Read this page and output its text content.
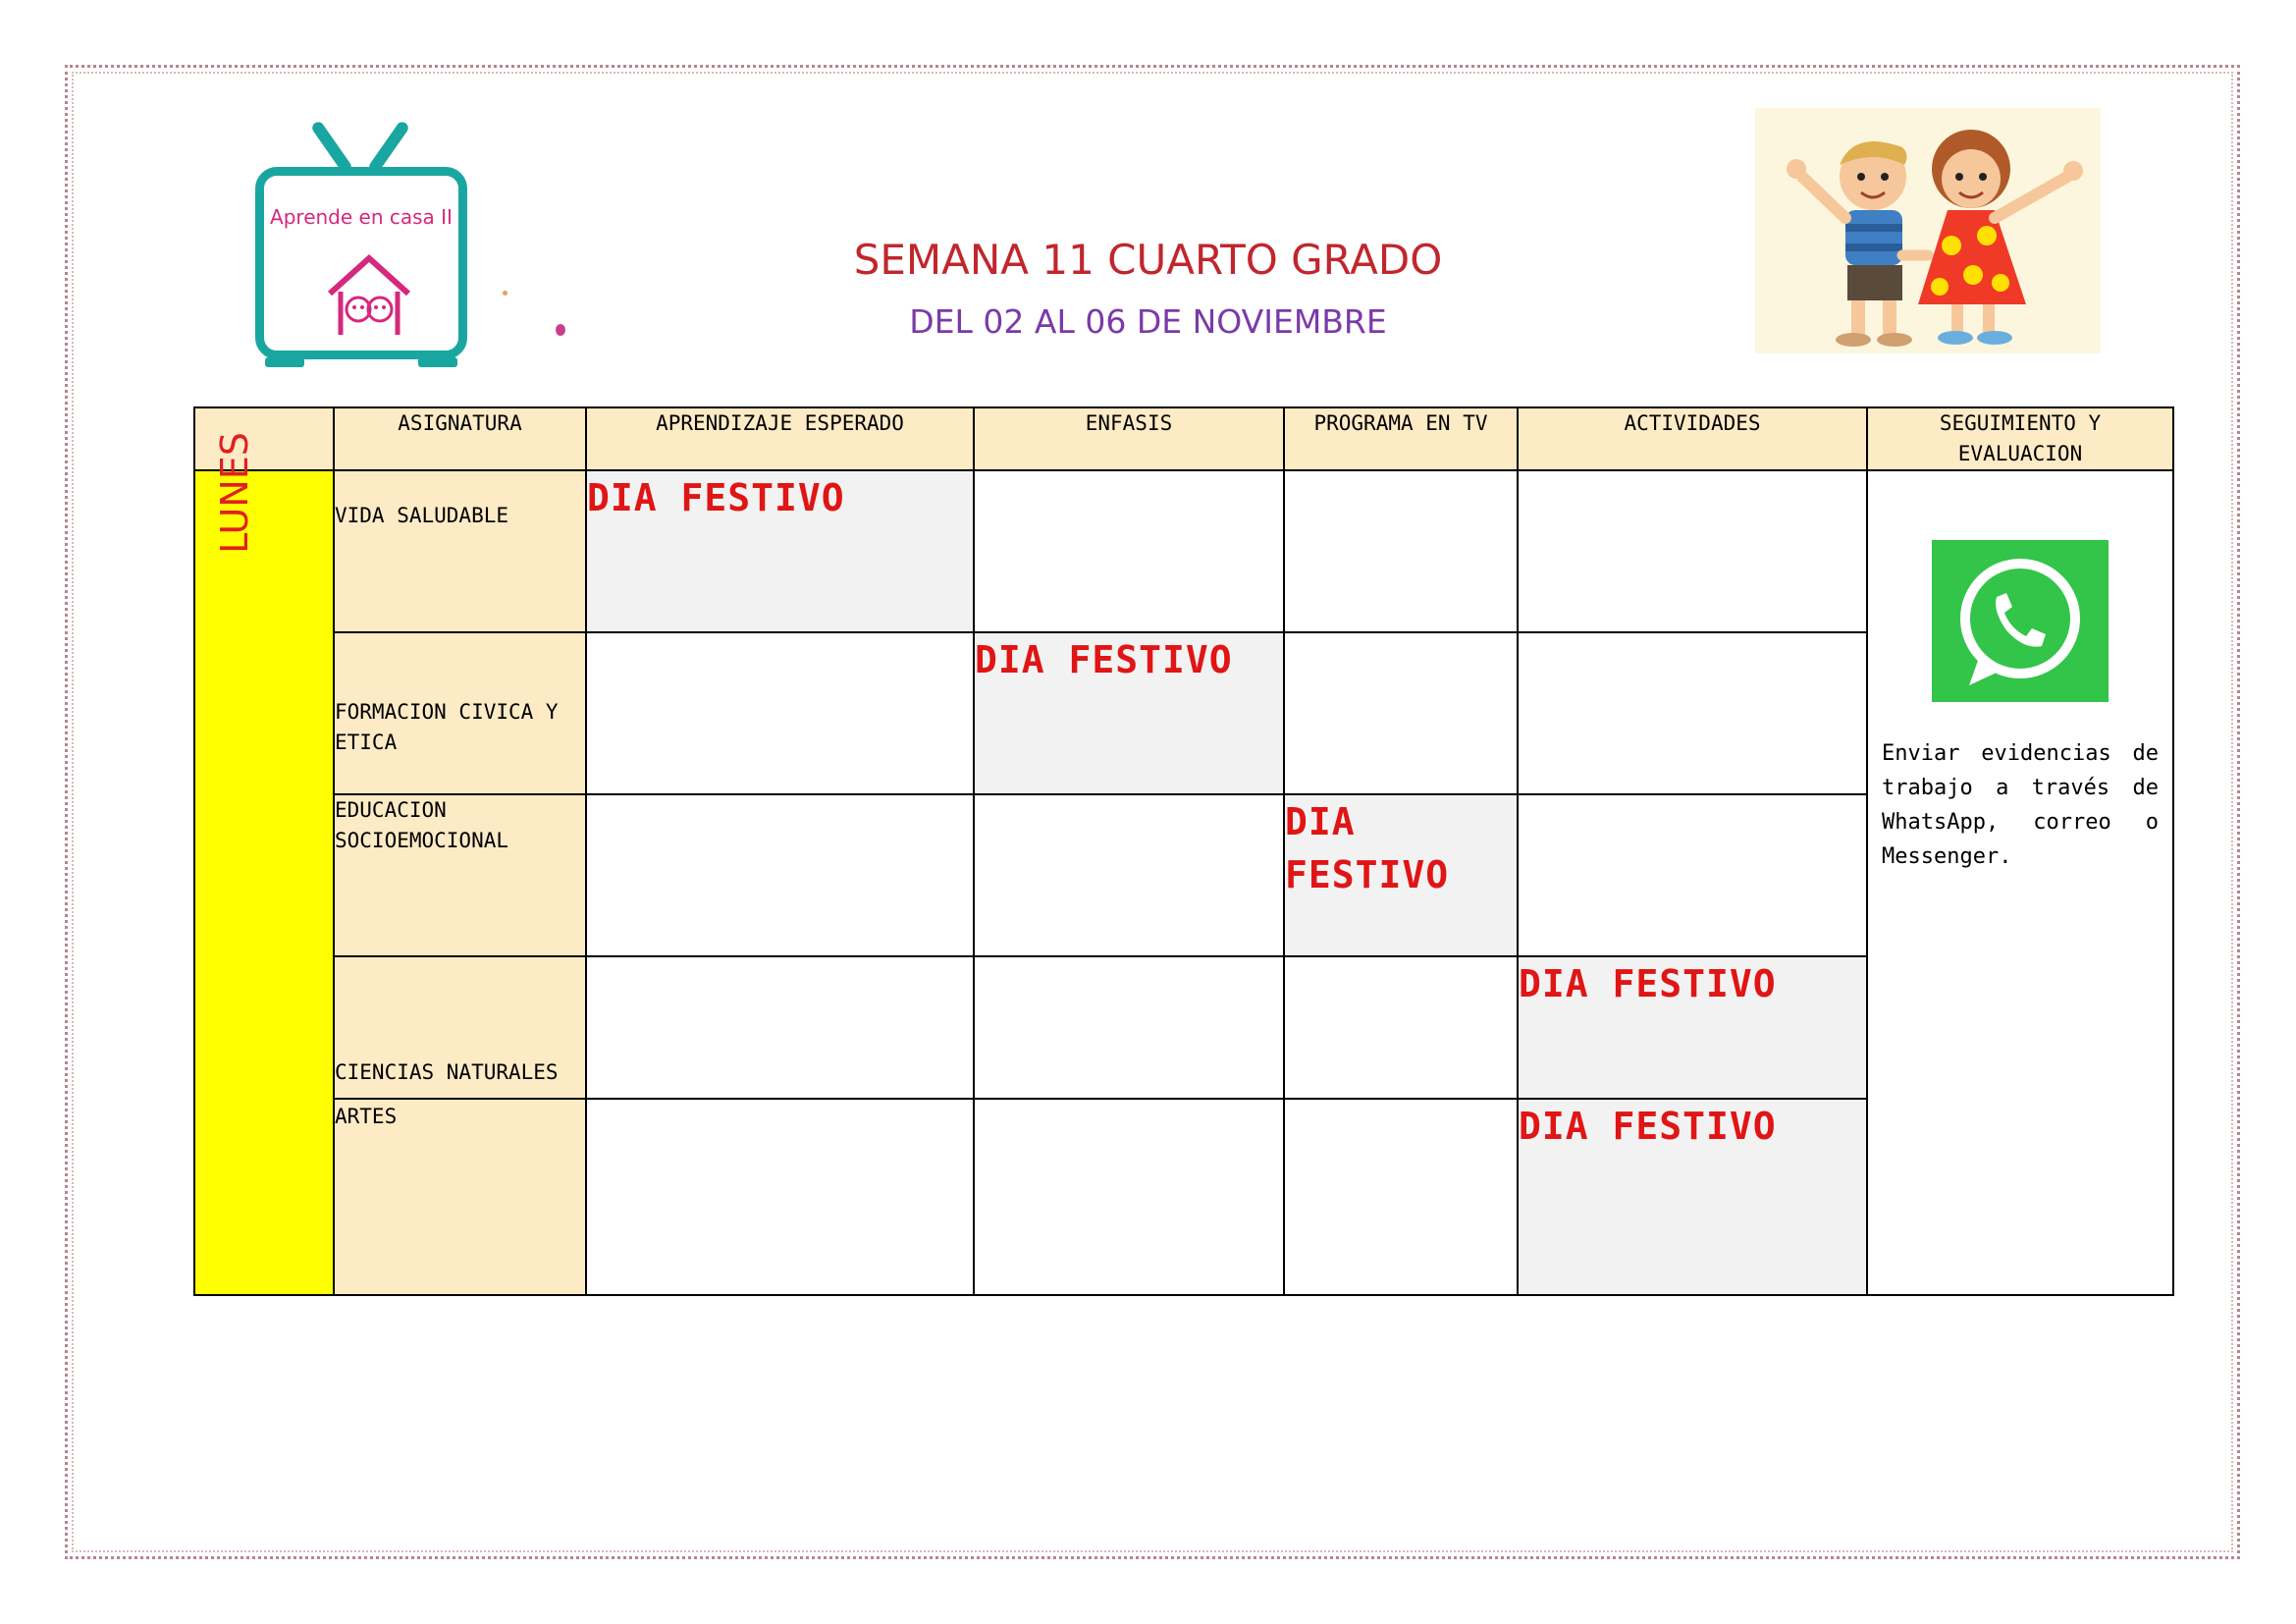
Aprende en casa II
SEMANA 11 CUARTO GRADO
DEL 02 AL 06 DE NOVIEMBRE
	ASIGNATURA	APRENDIZAJE ESPERADO	ENFASIS	PROGRAMA EN TV	ACTIVIDADES	SEGUIMIENTO Y EVALUACION

LUNES	VIDA SALUDABLE	DIA FESTIVO				Enviar evidencias de trabajo a través de WhatsApp, correo o Messenger.

	FORMACION CIVICA Y ETICA		DIA FESTIVO			
	EDUCACION SOCIOEMOCIONAL			DIA FESTIVO		
	CIENCIAS NATURALES				DIA FESTIVO	
	ARTES				DIA FESTIVO	
